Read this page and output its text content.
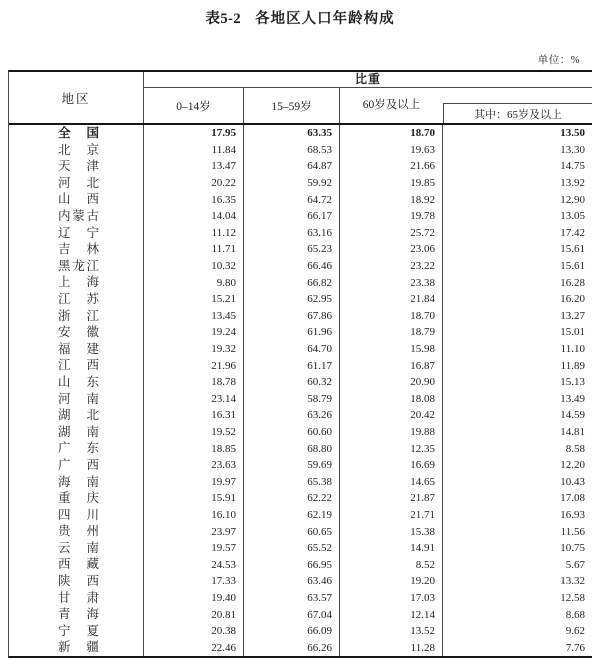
表5-2 各地区人口年龄构成
单位：%
地区
比重
0–14岁	15–59岁	60岁及以上
其中：65岁及以上
全国	17.95	63.35	18.70	13.50
北京	11.84	68.53	19.63	13.30
天津	13.47	64.87	21.66	14.75
河北	20.22	59.92	19.85	13.92
山西	16.35	64.72	18.92	12.90
内蒙古	14.04	66.17	19.78	13.05
辽宁	11.12	63.16	25.72	17.42
吉林	11.71	65.23	23.06	15.61
黑龙江	10.32	66.46	23.22	15.61
上海	9.80	66.82	23.38	16.28
江苏	15.21	62.95	21.84	16.20
浙江	13.45	67.86	18.70	13.27
安徽	19.24	61.96	18.79	15.01
福建	19.32	64.70	15.98	11.10
江西	21.96	61.17	16.87	11.89
山东	18.78	60.32	20.90	15.13
河南	23.14	58.79	18.08	13.49
湖北	16.31	63.26	20.42	14.59
湖南	19.52	60.60	19.88	14.81
广东	18.85	68.80	12.35	8.58
广西	23.63	59.69	16.69	12.20
海南	19.97	65.38	14.65	10.43
重庆	15.91	62.22	21.87	17.08
四川	16.10	62.19	21.71	16.93
贵州	23.97	60.65	15.38	11.56
云南	19.57	65.52	14.91	10.75
西藏	24.53	66.95	8.52	5.67
陕西	17.33	63.46	19.20	13.32
甘肃	19.40	63.57	17.03	12.58
青海	20.81	67.04	12.14	8.68
宁夏	20.38	66.09	13.52	9.62
新疆	22.46	66.26	11.28	7.76
